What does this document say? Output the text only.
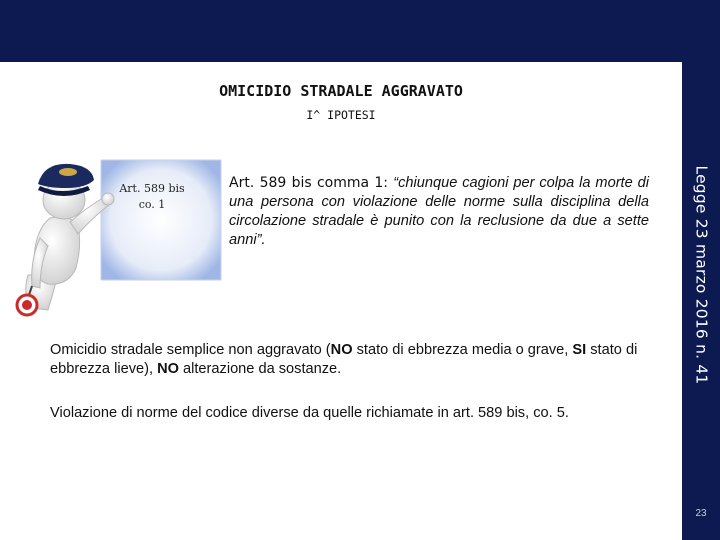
Legge 23 marzo 2016 n. 41
23
OMICIDIO STRADALE AGGRAVATO
I^ IPOTESI
Art. 589 bis
co. 1
Art. 589 bis comma 1: “chiunque cagioni per colpa la morte di una persona con violazione delle norme sulla disciplina della circolazione stradale è punito con la reclusione da due a sette anni”.
Omicidio stradale semplice non aggravato (NO stato di ebbrezza media o grave, SI stato di ebbrezza lieve), NO alterazione da sostanze.
Violazione di norme del codice diverse da quelle richiamate in art. 589 bis, co. 5.
